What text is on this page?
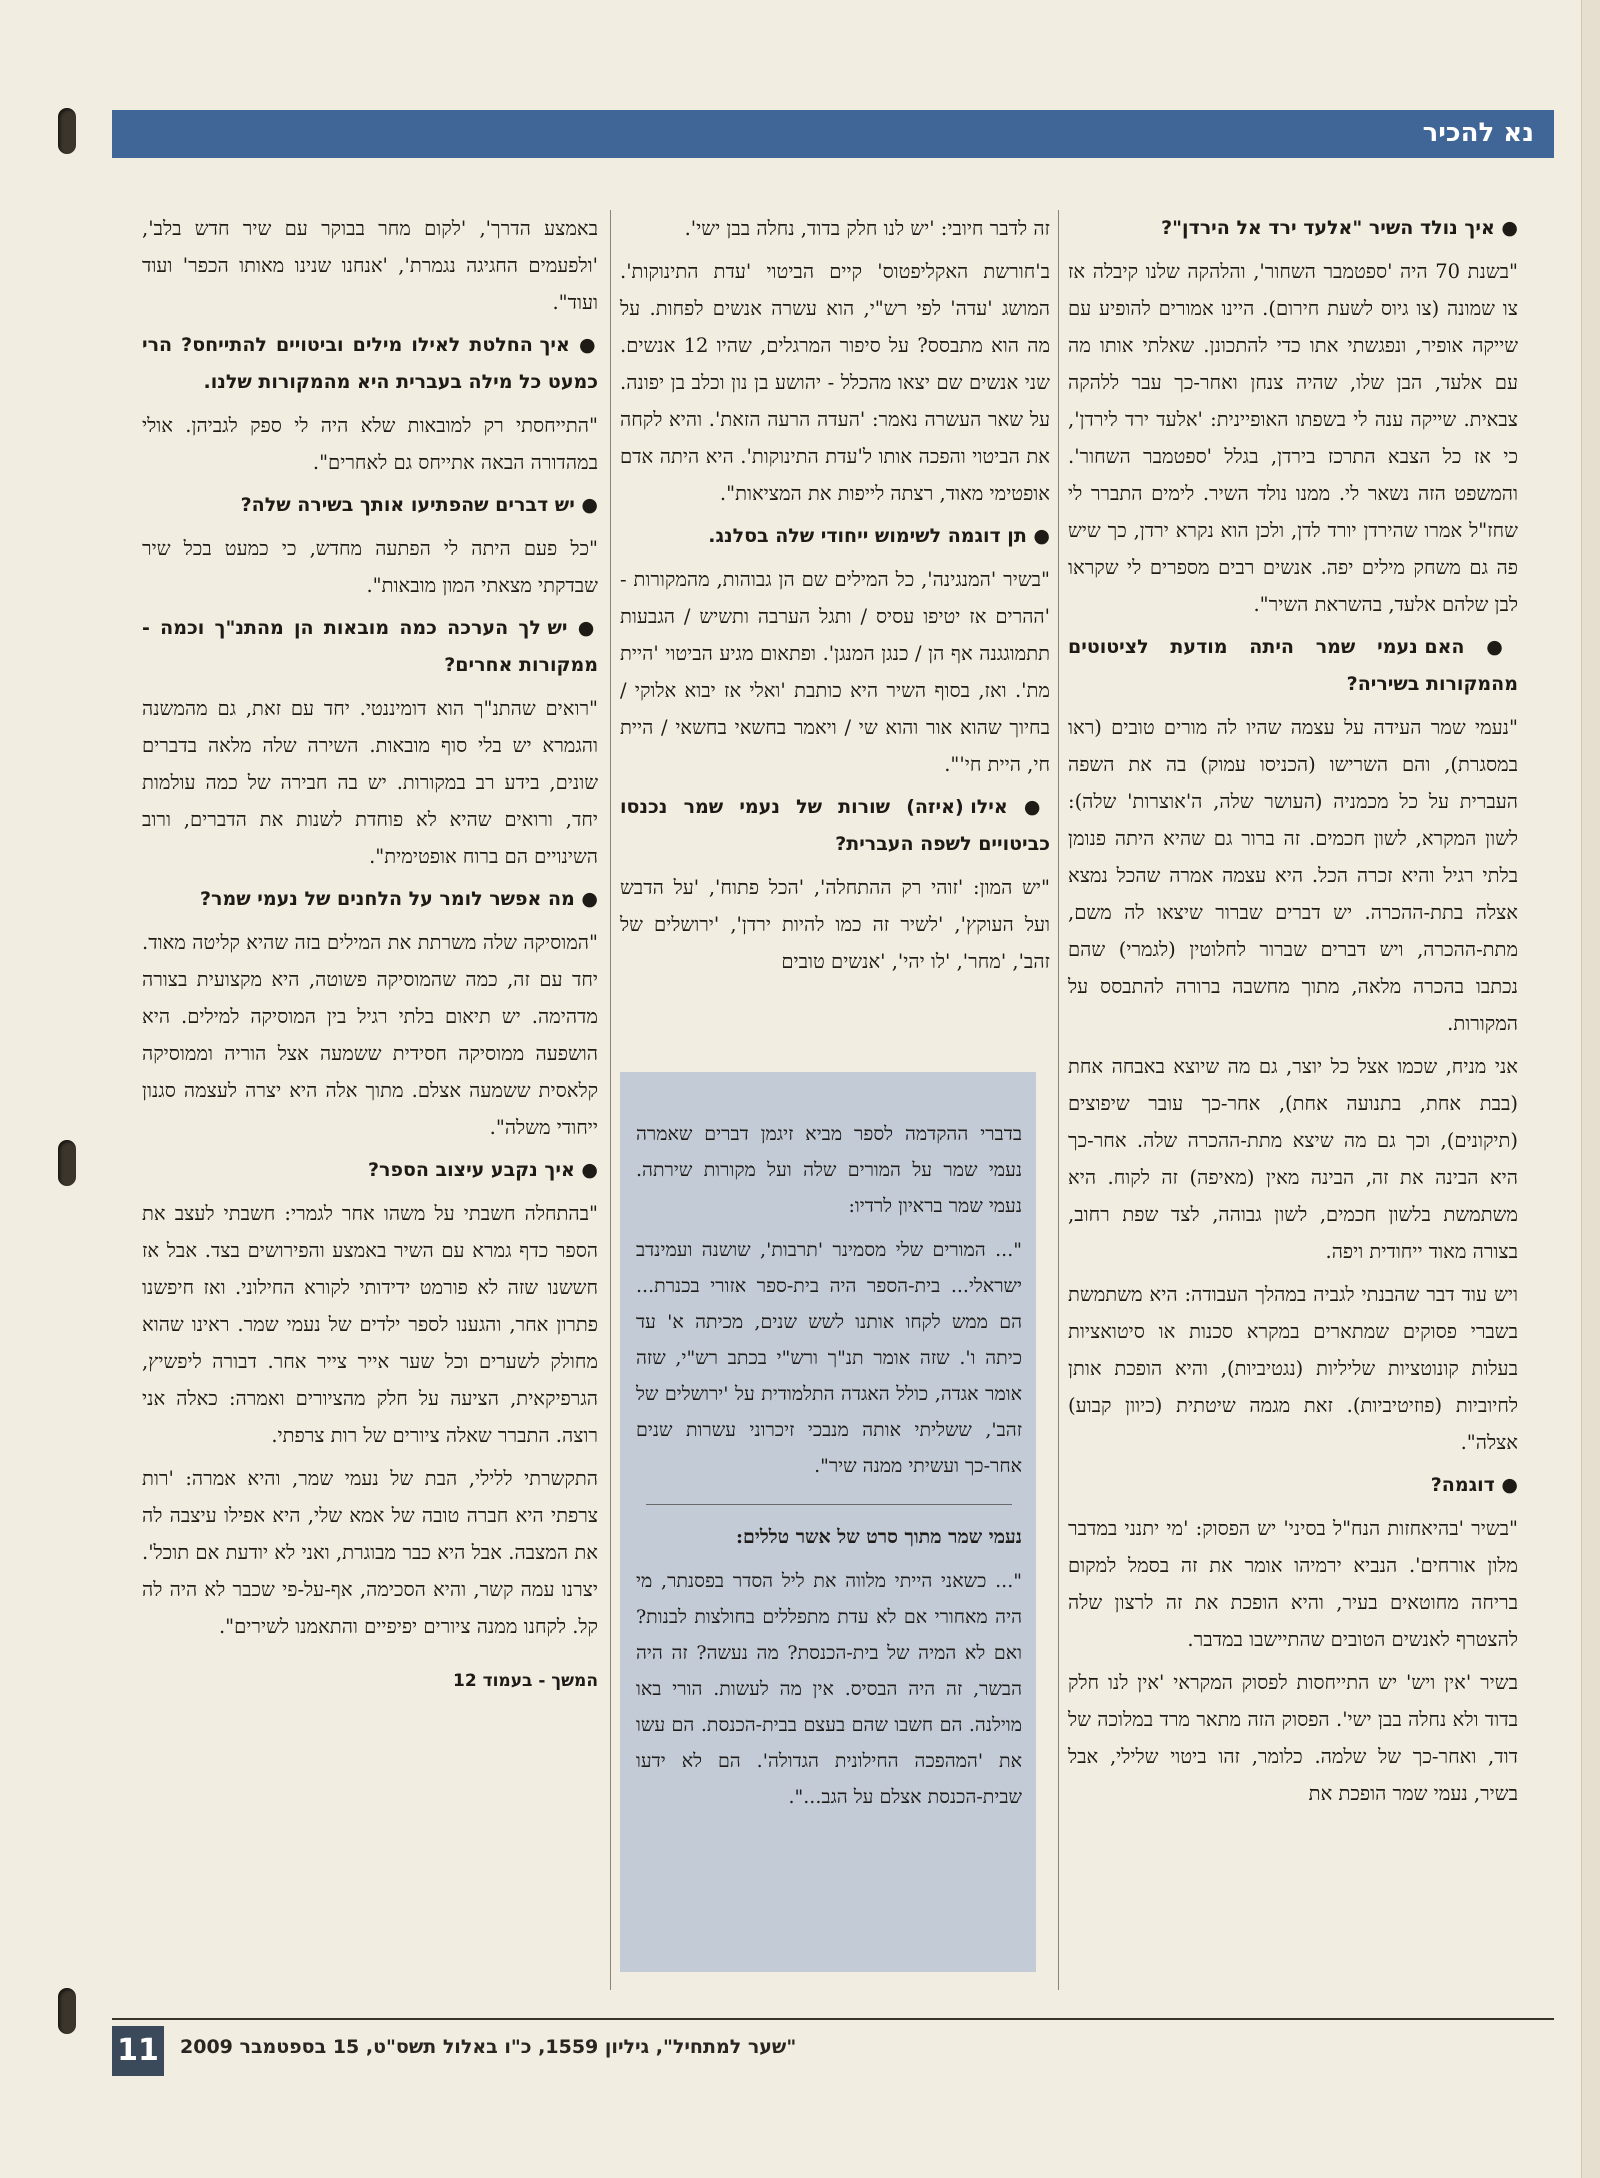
נא להכיר

● איך נולד השיר "אלעד ירד אל הירדן"?

"בשנת 70 היה 'ספטמבר השחור', והלהקה שלנו קיבלה אז צו שמונה (צו גיוס לשעת חירום). היינו אמורים להופיע עם שייקה אופיר, ונפגשתי אתו כדי להתכונן. שאלתי אותו מה עם אלעד, הבן שלו, שהיה צנחן ואחר-כך עבר ללהקה צבאית. שייקה ענה לי בשפתו האופיינית: 'אלעד ירד לירדן', כי אז כל הצבא התרכז בירדן, בגלל 'ספטמבר השחור'. והמשפט הזה נשאר לי. ממנו נולד השיר. לימים התברר לי שחז"ל אמרו שהירדן יורד לדן, ולכן הוא נקרא ירדן, כך שיש פה גם משחק מילים יפה. אנשים רבים מספרים לי שקראו לבן שלהם אלעד, בהשראת השיר".

● האם נעמי שמר היתה מודעת לציטוטים מהמקורות בשיריה?

"נעמי שמר העידה על עצמה שהיו לה מורים טובים (ראו במסגרת), והם השרישו (הכניסו עמוק) בה את השפה העברית על כל מכמניה (העושר שלה, ה'אוצרות' שלה): לשון המקרא, לשון חכמים. זה ברור גם שהיא היתה פנומן בלתי רגיל והיא זכרה הכל. היא עצמה אמרה שהכל נמצא אצלה בתת-ההכרה. יש דברים שברור שיצאו לה משם, מתת-ההכרה, ויש דברים שברור לחלוטין (לגמרי) שהם נכתבו בהכרה מלאה, מתוך מחשבה ברורה להתבסס על המקורות.

אני מניח, שכמו אצל כל יוצר, גם מה שיוצא באבחה אחת (בבת אחת, בתנועה אחת), אחר-כך עובר שיפוצים (תיקונים), וכך גם מה שיצא מתת-ההכרה שלה. אחר-כך היא הבינה את זה, הבינה מאין (מאיפה) זה לקוח. היא משתמשת בלשון חכמים, לשון גבוהה, לצד שפת רחוב, בצורה מאוד ייחודית ויפה.

ויש עוד דבר שהבנתי לגביה במהלך העבודה: היא משתמשת בשברי פסוקים שמתארים במקרא סכנות או סיטואציות בעלות קונוטציות שליליות (נגטיביות), והיא הופכת אותן לחיוביות (פוזיטיביות). זאת מגמה שיטתית (כיוון קבוע) אצלה".

● דוגמה?

"בשיר 'בהיאחזות הנח"ל בסיני' יש הפסוק: 'מי יתנני במדבר מלון אורחים'. הנביא ירמיהו אומר את זה בסמל למקום בריחה מחוטאים בעיר, והיא הופכת את זה לרצון שלה להצטרף לאנשים הטובים שהתיישבו במדבר.

בשיר 'אין ויש' יש התייחסות לפסוק המקראי 'אין לנו חלק בדוד ולא נחלה בבן ישי'. הפסוק הזה מתאר מרד במלוכה של דוד, ואחר-כך של שלמה. כלומר, זהו ביטוי שלילי, אבל בשיר, נעמי שמר הופכת את

זה לדבר חיובי: 'יש לנו חלק בדוד, נחלה בבן ישי'.

ב'חורשת האקליפטוס' קיים הביטוי 'עדת התינוקות'. המושג 'עדה' לפי רש"י, הוא עשרה אנשים לפחות. על מה הוא מתבסס? על סיפור המרגלים, שהיו 12 אנשים. שני אנשים שם יצאו מהכלל - יהושע בן נון וכלב בן יפונה. על שאר העשרה נאמר: 'העדה הרעה הזאת'. והיא לקחה את הביטוי והפכה אותו ל'עדת התינוקות'. היא היתה אדם אופטימי מאוד, רצתה לייפות את המציאות".

● תן דוגמה לשימוש ייחודי שלה בסלנג.

"בשיר 'המנגינה', כל המילים שם הן גבוהות, מהמקורות - 'ההרים אז יטיפו עסיס / ותגל הערבה ותשיש / הגבעות תתמוגגנה אף הן / כנגן המנגן'. ופתאום מגיע הביטוי 'היית מת'. ואז, בסוף השיר היא כותבת 'ואלי אז יבוא אלוקי / בחיוך שהוא אור והוא שי / ויאמר בחשאי בחשאי / היית חי, היית חי'".

● אילו (איזה) שורות של נעמי שמר נכנסו כביטויים לשפה העברית?

"יש המון: 'זוהי רק ההתחלה', 'הכל פתוח', 'על הדבש ועל העוקץ', 'לשיר זה כמו להיות ירדן', 'ירושלים של זהב', 'מחר', 'לו יהי', 'אנשים טובים

באמצע הדרך', 'לקום מחר בבוקר עם שיר חדש בלב', 'ולפעמים החגיגה נגמרת', 'אנחנו שנינו מאותו הכפר' ועוד ועוד".

● איך החלטת לאילו מילים וביטויים להתייחס? הרי כמעט כל מילה בעברית היא מהמקורות שלנו.

"התייחסתי רק למובאות שלא היה לי ספק לגביהן. אולי במהדורה הבאה אתייחס גם לאחרים".

● יש דברים שהפתיעו אותך בשירה שלה?

"כל פעם היתה לי הפתעה מחדש, כי כמעט בכל שיר שבדקתי מצאתי המון מובאות".

● יש לך הערכה כמה מובאות הן מהתנ"ך וכמה - ממקורות אחרים?

"רואים שהתנ"ך הוא דומיננטי. יחד עם זאת, גם מהמשנה והגמרא יש בלי סוף מובאות. השירה שלה מלאה בדברים שונים, בידע רב במקורות. יש בה חבירה של כמה עולמות יחד, ורואים שהיא לא פוחדת לשנות את הדברים, ורוב השינויים הם ברוח אופטימית".

● מה אפשר לומר על הלחנים של נעמי שמר?

"המוסיקה שלה משרתת את המילים בזה שהיא קליטה מאוד. יחד עם זה, כמה שהמוסיקה פשוטה, היא מקצועית בצורה מדהימה. יש תיאום בלתי רגיל בין המוסיקה למילים. היא הושפעה ממוסיקה חסידית ששמעה אצל הוריה וממוסיקה קלאסית ששמעה אצלם. מתוך אלה היא יצרה לעצמה סגנון ייחודי משלה".

● איך נקבע עיצוב הספר?

"בהתחלה חשבתי על משהו אחר לגמרי: חשבתי לעצב את הספר כדף גמרא עם השיר באמצע והפירושים בצד. אבל אז חששנו שזה לא פורמט ידידותי לקורא החילוני. ואז חיפשנו פתרון אחר, והגענו לספר ילדים של נעמי שמר. ראינו שהוא מחולק לשערים וכל שער אייר צייר אחר. דבורה ליפשיץ, הגרפיקאית, הציעה על חלק מהציורים ואמרה: כאלה אני רוצה. התברר שאלה ציורים של רות צרפתי.

התקשרתי ללילי, הבת של נעמי שמר, והיא אמרה: 'רות צרפתי היא חברה טובה של אמא שלי, היא אפילו עיצבה לה את המצבה. אבל היא כבר מבוגרת, ואני לא יודעת אם תוכל'. יצרנו עמה קשר, והיא הסכימה, אף-על-פי שכבר לא היה לה קל. לקחנו ממנה ציורים יפיפיים והתאמנו לשירים".

המשך - בעמוד 12

בדברי ההקדמה לספר מביא זיגמן דברים שאמרה נעמי שמר על המורים שלה ועל מקורות שירתה. נעמי שמר בראיון לרדיו:

"... המורים שלי מסמינר 'תרבות', שושנה ועמינדב ישראלי... בית-הספר היה בית-ספר אזורי בכנרת... הם ממש לקחו אותנו לשש שנים, מכיתה א' עד כיתה ו'. שזה אומר תנ"ך ורש"י בכתב רש"י, שזה אומר אגדה, כולל האגדה התלמודית על 'ירושלים של זהב', ששליתי אותה מנבכי זיכרוני עשרות שנים אחר-כך ועשיתי ממנה שיר".

נעמי שמר מתוך סרט של אשר טללים:

"... כשאני הייתי מלווה את ליל הסדר בפסנתר, מי היה מאחורי אם לא עדת מתפללים בחולצות לבנות? ואם לא המיה של בית-הכנסת? מה נעשה? זה היה הבשר, זה היה הבסיס. אין מה לעשות. הורי באו מוילנה. הם חשבו שהם בעצם בבית-הכנסת. הם עשו את 'המהפכה החילונית הגדולה'. הם לא ידעו שבית-הכנסת אצלם על הגב...".

11 "שער למתחיל", גיליון 1559, כ"ו באלול תשס"ט, 15 בספטמבר 2009
